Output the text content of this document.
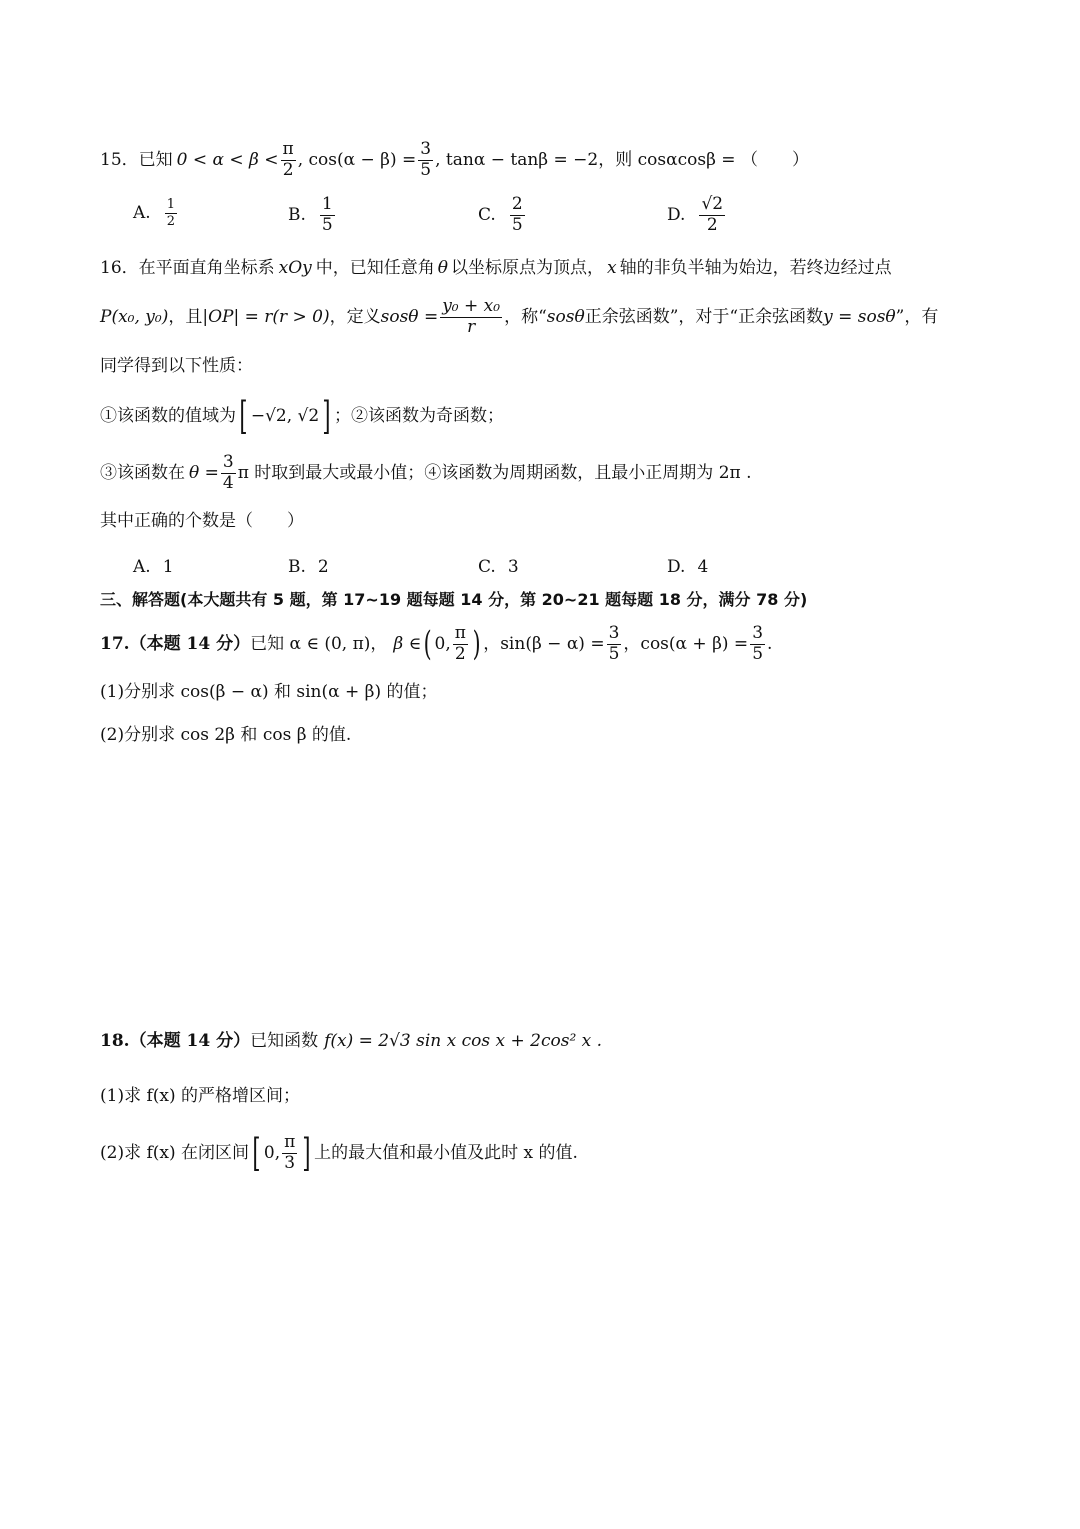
15．已知 $0 < \alpha < \beta < \frac{\pi}{2}$ , $\cos(\alpha - \beta) = \frac{3}{5}$ , tanα − tanβ = −2 ，则 cosαcosβ = （　　）
A. $\frac{1}{2}$	B. $\frac{1}{5}$	C. $\frac{2}{5}$	D. $\frac{√2}{2}$
16．在平面直角坐标系 xOy 中，已知任意角 θ 以坐标原点为顶点， x 轴的非负半轴为始边，若终边经过点
P(x₀, y₀) ，且 |OP| = r(r > 0) ，定义 $sos\theta = \frac{\text{y₀ + x₀}}{r}$ ，称“ sosθ 正余弦函数”，对于“正余弦函数 y = sosθ ”，有
同学得到以下性质：
①该函数的值域为 [ −√2, √2 ] ；②该函数为奇函数；
③该函数在 $\theta = \frac{3}{4}$ π 时取到最大或最小值；④该函数为周期函数，且最小正周期为 2π .
其中正确的个数是（　　）
A. 1	B. 2	C. 3	D. 4
三、解答题(本大题共有 5 题，第 17~19 题每题 14 分，第 20~21 题每题 18 分，满分 78 分)
17.（本题 14 分） 已知 α ∈ (0, π)， β ∈ ( 0, $\frac{\pi}{2}$ ) ，$\sin(\beta - \alpha) = \frac{3}{5}$ ，$\cos(\alpha + \beta) = \frac{3}{5}$ .
(1)分别求 cos(β − α) 和 sin(α + β) 的值；
(2)分别求 cos 2β 和 cos β 的值.
18.（本题 14 分） 已知函数 f(x) = 2√3 sin x cos x + 2cos² x .
(1)求 f(x) 的严格增区间；
(2)求 f(x) 在闭区间 [ 0, $\frac{\pi}{3}$ ] 上的最大值和最小值及此时 x 的值.
